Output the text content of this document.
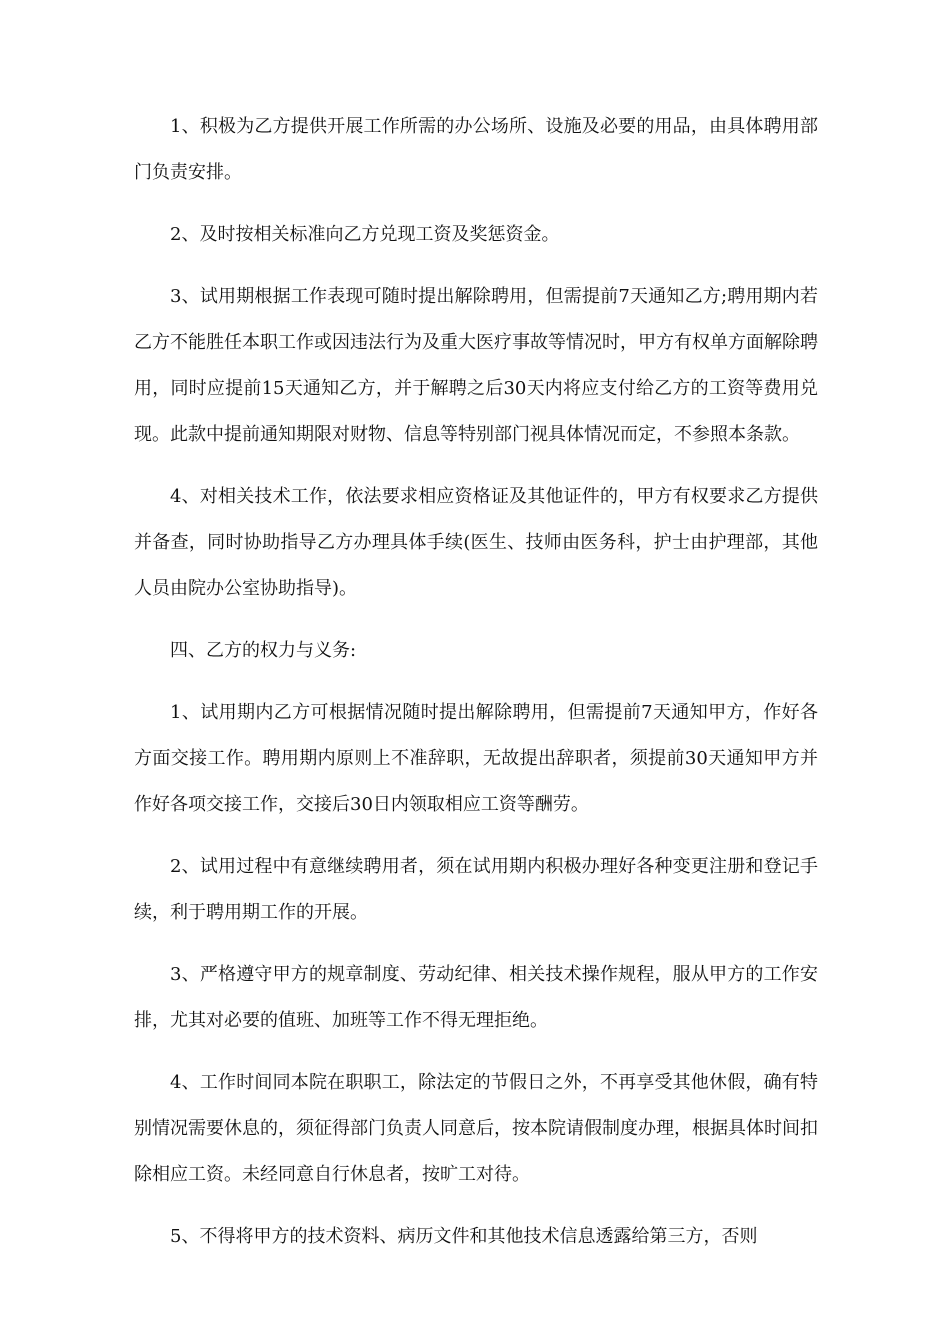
1、积极为乙方提供开展工作所需的办公场所、设施及必要的用品，由具体聘用部门负责安排。

2、及时按相关标准向乙方兑现工资及奖惩资金。

3、试用期根据工作表现可随时提出解除聘用，但需提前7天通知乙方;聘用期内若乙方不能胜任本职工作或因违法行为及重大医疗事故等情况时，甲方有权单方面解除聘用，同时应提前15天通知乙方，并于解聘之后30天内将应支付给乙方的工资等费用兑现。此款中提前通知期限对财物、信息等特别部门视具体情况而定，不参照本条款。

4、对相关技术工作，依法要求相应资格证及其他证件的，甲方有权要求乙方提供并备查，同时协助指导乙方办理具体手续(医生、技师由医务科，护士由护理部，其他人员由院办公室协助指导)。

四、乙方的权力与义务:

1、试用期内乙方可根据情况随时提出解除聘用，但需提前7天通知甲方，作好各方面交接工作。聘用期内原则上不准辞职，无故提出辞职者，须提前30天通知甲方并作好各项交接工作，交接后30日内领取相应工资等酬劳。

2、试用过程中有意继续聘用者，须在试用期内积极办理好各种变更注册和登记手续，利于聘用期工作的开展。

3、严格遵守甲方的规章制度、劳动纪律、相关技术操作规程，服从甲方的工作安排，尤其对必要的值班、加班等工作不得无理拒绝。

4、工作时间同本院在职职工，除法定的节假日之外，不再享受其他休假，确有特别情况需要休息的，须征得部门负责人同意后，按本院请假制度办理，根据具体时间扣除相应工资。未经同意自行休息者，按旷工对待。

5、不得将甲方的技术资料、病历文件和其他技术信息透露给第三方，否则
